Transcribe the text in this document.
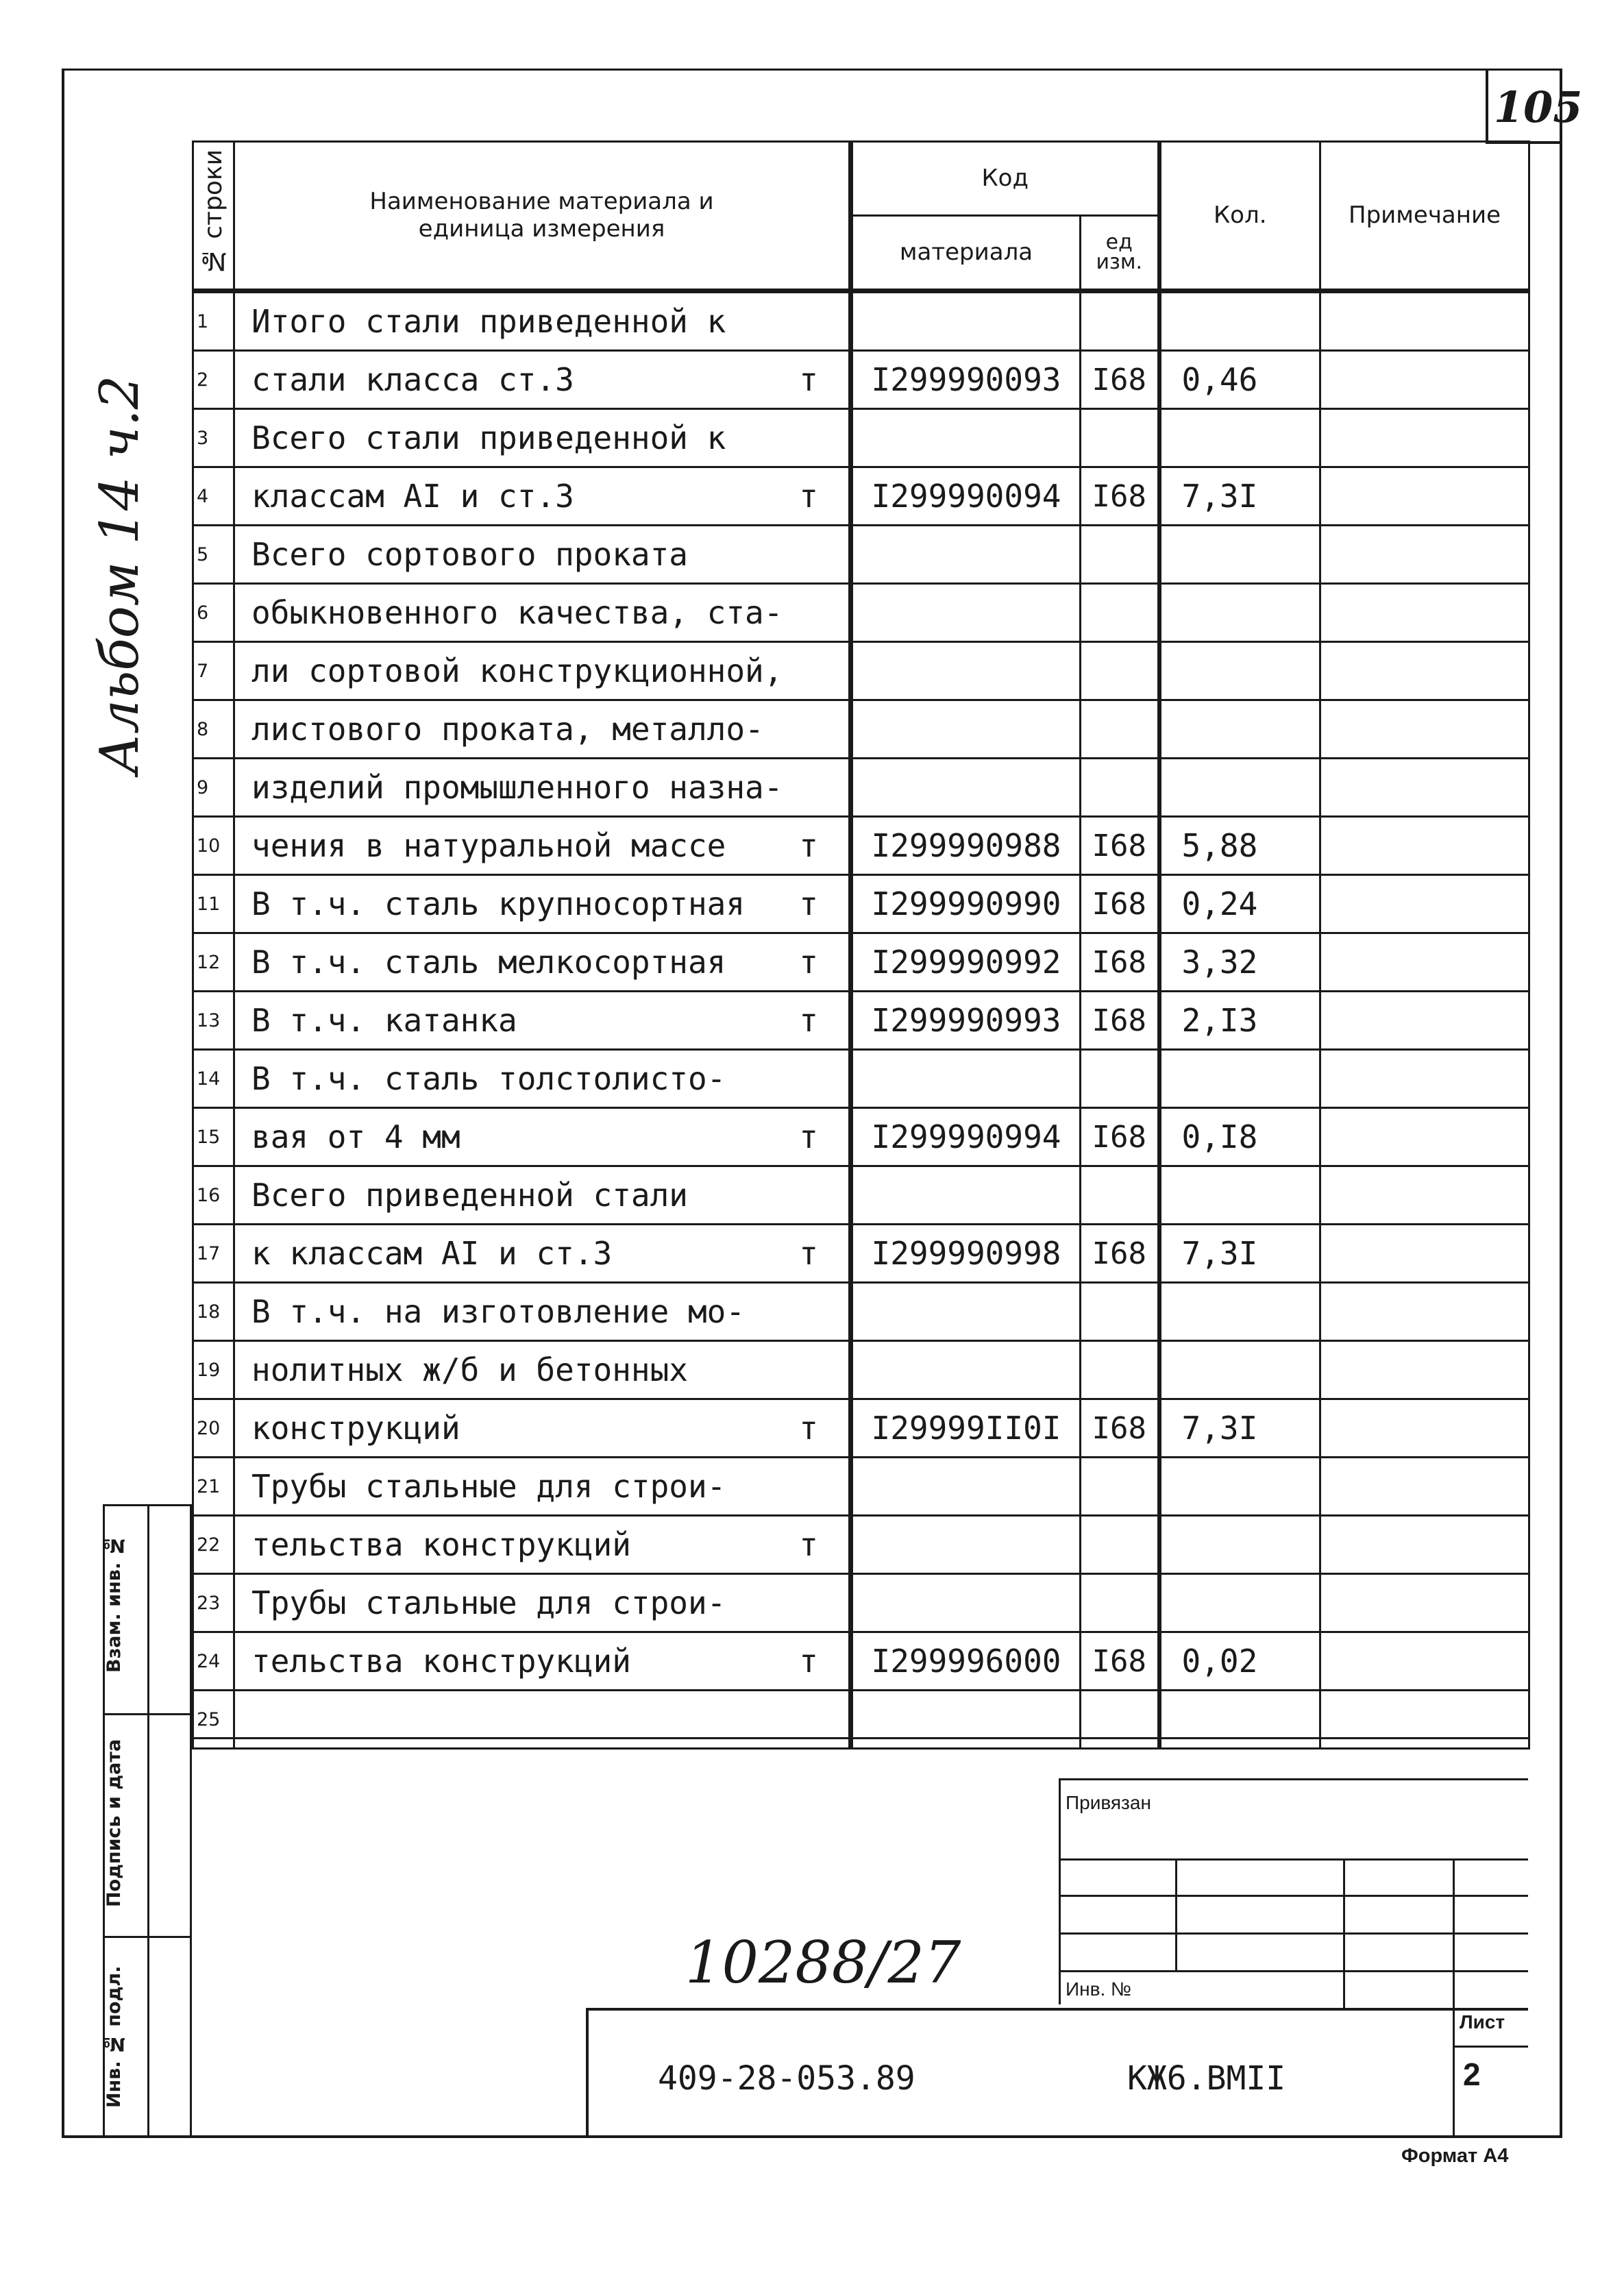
105
Альбом 14 ч.2
№ строки	Наименование материала и единица измерения	Код		Кол.	Примечание
		материала	ед изм.		
1	Итого стали приведенной к

2	стали класса ст.3 т	I299990093	I68	0,46	
3	Всего стали приведенной к

4	классам АI и ст.3 т	I299990094	I68	7,3I	
5	Всего сортового проката

6	обыкновенного качества, ста-

7	ли сортовой конструкционной,

8	листового проката, металло-

9	изделий промышленного назна-

10	чения в натуральной массе т	I299990988	I68	5,88	
11	В т.ч. сталь крупносортная т	I299990990	I68	0,24	
12	В т.ч. сталь мелкосортная т	I299990992	I68	3,32	
13	В т.ч. катанка т	I299990993	I68	2,I3	
14	В т.ч. сталь толстолисто-

15	вая от 4 мм т	I299990994	I68	0,I8	
16	Всего приведенной стали

17	к классам АI и ст.3 т	I299990998	I68	7,3I	
18	В т.ч. на изготовление мо-

19	нолитных ж/б и бетонных

20	конструкций т	I29999II0I	I68	7,3I	
21	Трубы стальные для строи-

22	тельства конструкций т				

23	Трубы стальные для строи-

24	тельства конструкций т	I299996000	I68	0,02	
25	

Взам. инв. №
Подпись и дата
Инв. № подл.
Привязан
Инв. №
10288/27
409-28-053.89	КЖ6.ВМII
Лист
2
Формат А4
